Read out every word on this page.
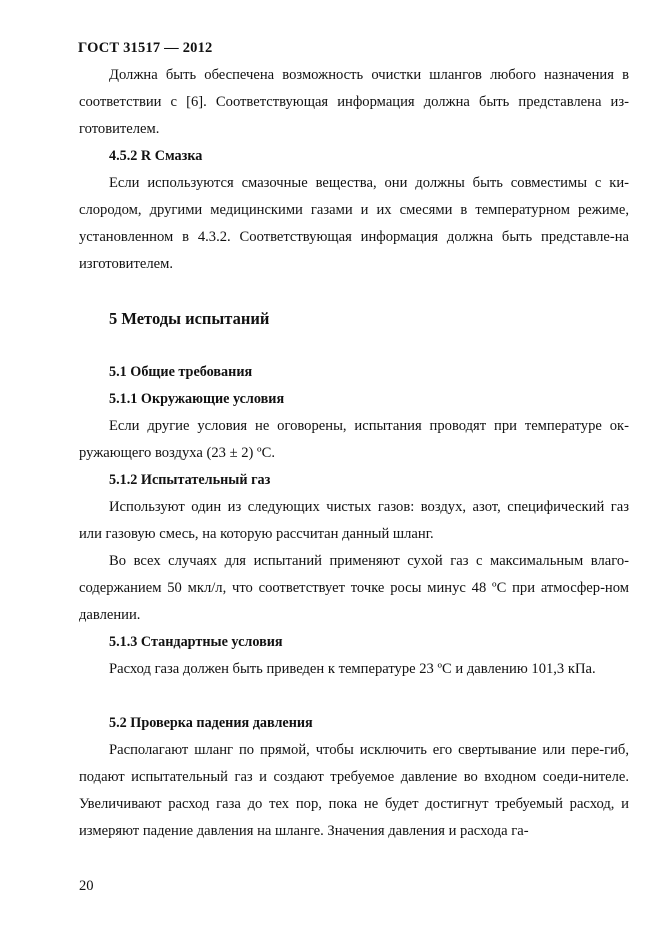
ГОСТ 31517 — 2012

Должна быть обеспечена возможность очистки шлангов любого назначения в соответствии с [6]. Соответствующая информация должна быть представлена из-готовителем.

4.5.2 R Смазка

Если используются смазочные вещества, они должны быть совместимы с ки-слородом, другими медицинскими газами и их смесями в температурном режиме, установленном в 4.3.2. Соответствующая информация должна быть представле-на изготовителем.

5 Методы испытаний

5.1 Общие требования

5.1.1 Окружающие условия

Если другие условия не оговорены, испытания проводят при температуре ок-ружающего воздуха (23 ± 2) ºС.

5.1.2 Испытательный газ

Используют один из следующих чистых газов: воздух, азот, специфический газ или газовую смесь, на которую рассчитан данный шланг.

Во всех случаях для испытаний применяют сухой газ с максимальным влаго-содержанием 50 мкл/л, что соответствует точке росы минус 48 ºС при атмосфер-ном давлении.

5.1.3 Стандартные условия

Расход газа должен быть приведен к температуре 23 ºС и давлению 101,3 кПа.

5.2 Проверка падения давления

Располагают шланг по прямой, чтобы исключить его свертывание или пере-гиб, подают испытательный газ и создают требуемое давление во входном соеди-нителе. Увеличивают расход газа до тех пор, пока не будет достигнут требуемый расход, и измеряют падение давления на шланге. Значения давления и расхода га-

20
